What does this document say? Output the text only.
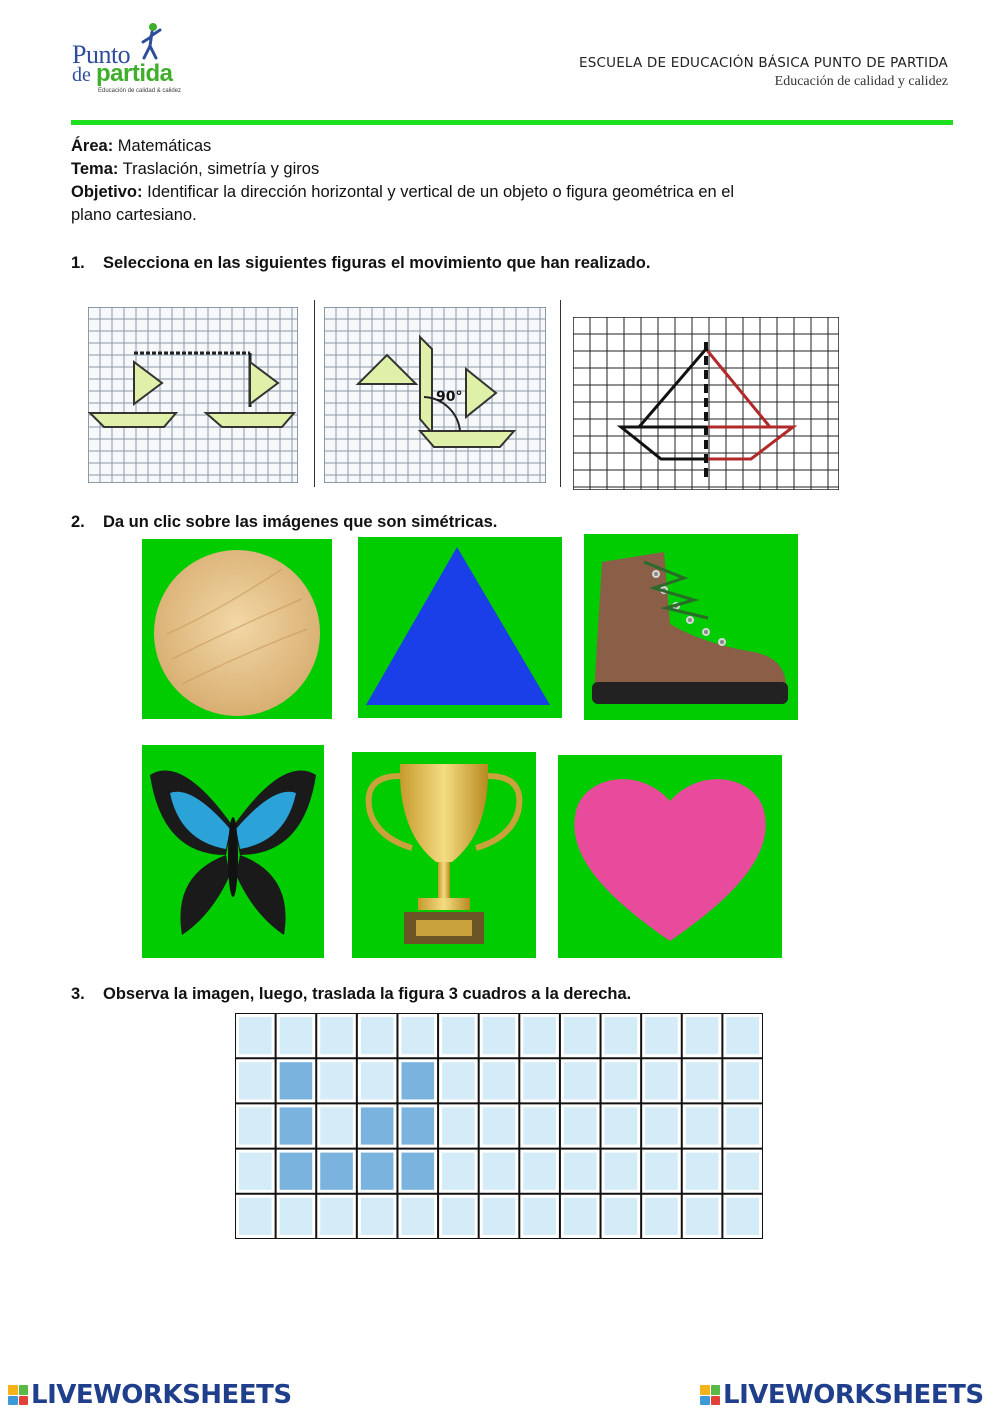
Punto
de partida
Educación de calidad & calidez
ESCUELA DE EDUCACIÓN BÁSICA PUNTO DE PARTIDA
Educación de calidad y calidez
Área: Matemáticas
Tema: Traslación, simetría y giros
Objetivo: Identificar la dirección horizontal y vertical de un objeto o figura geométrica en el
plano cartesiano.
1. Selecciona en las siguientes figuras el movimiento que han realizado.
90°
2. Da un clic sobre las imágenes que son simétricas.
3. Observa la imagen, luego, traslada la figura 3 cuadros a la derecha.
LIVEWORKSHEETS	LIVEWORKSHEETS
